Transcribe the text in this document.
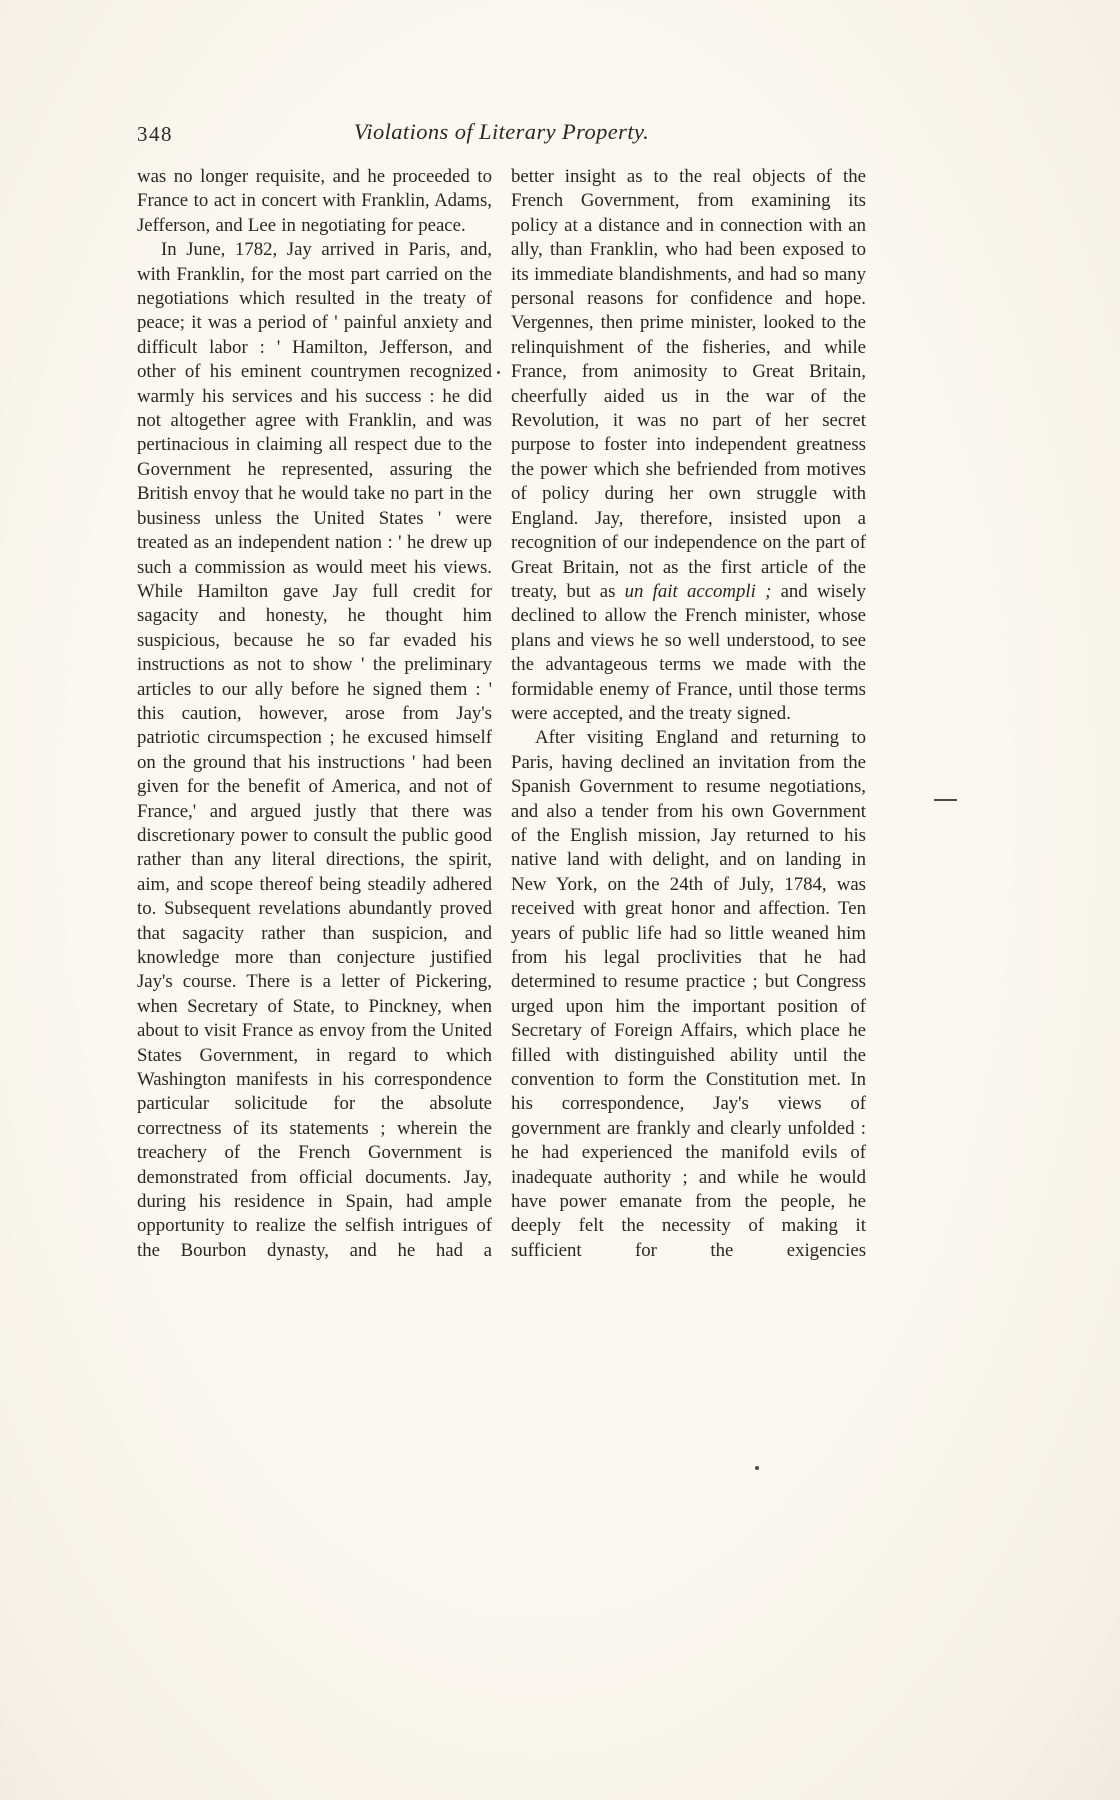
348	Violations of Literary Property.

was no longer requisite, and he proceeded to France to act in concert with Franklin, Adams, Jefferson, and Lee in negotiating for peace.

In June, 1782, Jay arrived in Paris, and, with Franklin, for the most part carried on the negotiations which resulted in the treaty of peace; it was a period of ' painful anxiety and difficult labor : ' Hamilton, Jefferson, and other of his eminent countrymen recognized warmly his services and his success : he did not altogether agree with Franklin, and was pertinacious in claiming all respect due to the Government he represented, assuring the British envoy that he would take no part in the business unless the United States ' were treated as an independent nation : ' he drew up such a commission as would meet his views. While Hamilton gave Jay full credit for sagacity and honesty, he thought him suspicious, because he so far evaded his instructions as not to show ' the preliminary articles to our ally before he signed them : ' this caution, however, arose from Jay's patriotic circumspection ; he excused himself on the ground that his instructions ' had been given for the benefit of America, and not of France,' and argued justly that there was discretionary power to consult the public good rather than any literal directions, the spirit, aim, and scope thereof being steadily adhered to. Subsequent revelations abundantly proved that sagacity rather than suspicion, and knowledge more than conjecture justified Jay's course. There is a letter of Pickering, when Secretary of State, to Pinckney, when about to visit France as envoy from the United States Government, in regard to which Washington manifests in his correspondence particular solicitude for the absolute correctness of its statements ; wherein the treachery of the French Government is demonstrated from official documents. Jay, during his residence in Spain, had ample opportunity to realize the selfish intrigues of the Bourbon dynasty, and he had a

better insight as to the real objects of the French Government, from examining its policy at a distance and in connection with an ally, than Franklin, who had been exposed to its immediate blandishments, and had so many personal reasons for confidence and hope. Vergennes, then prime minister, looked to the relinquishment of the fisheries, and while France, from animosity to Great Britain, cheerfully aided us in the war of the Revolution, it was no part of her secret purpose to foster into independent greatness the power which she befriended from motives of policy during her own struggle with England. Jay, therefore, insisted upon a recognition of our independence on the part of Great Britain, not as the first article of the treaty, but as un fait accompli ; and wisely declined to allow the French minister, whose plans and views he so well understood, to see the advantageous terms we made with the formidable enemy of France, until those terms were accepted, and the treaty signed.

After visiting England and returning to Paris, having declined an invitation from the Spanish Government to resume negotiations, and also a tender from his own Government of the English mission, Jay returned to his native land with delight, and on landing in New York, on the 24th of July, 1784, was received with great honor and affection. Ten years of public life had so little weaned him from his legal proclivities that he had determined to resume practice ; but Congress urged upon him the important position of Secretary of Foreign Affairs, which place he filled with distinguished ability until the convention to form the Constitution met. In his correspondence, Jay's views of government are frankly and clearly unfolded : he had experienced the manifold evils of inadequate authority ; and while he would have power emanate from the people, he deeply felt the necessity of making it sufficient for the exigencies
